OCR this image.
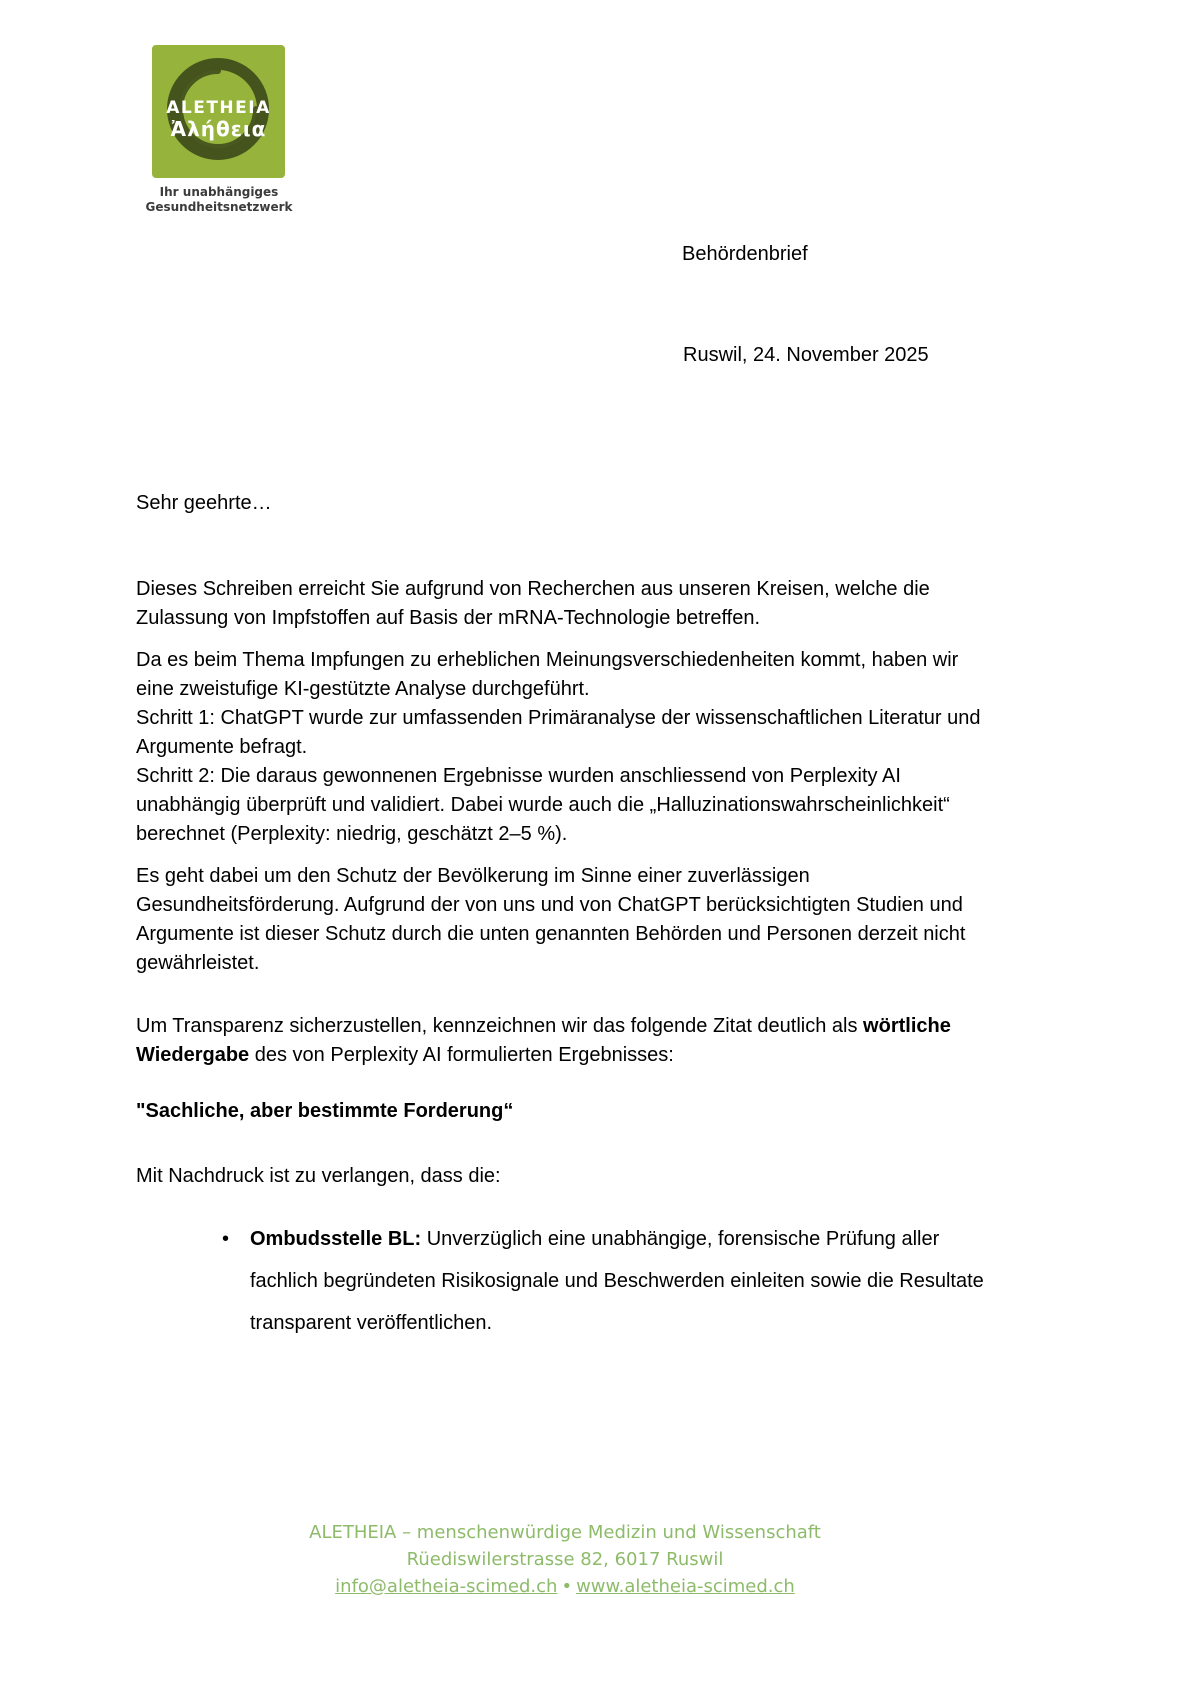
ALETHEIA
Ἀλήθεια
Ihr unabhängiges
Gesundheitsnetzwerk
Behördenbrief
Ruswil, 24. November 2025
Sehr geehrte…
Dieses Schreiben erreicht Sie aufgrund von Recherchen aus unseren Kreisen, welche die Zulassung von Impfstoffen auf Basis der mRNA-Technologie betreffen.
Da es beim Thema Impfungen zu erheblichen Meinungsverschiedenheiten kommt, haben wir eine zweistufige KI-gestützte Analyse durchgeführt.
Schritt 1: ChatGPT wurde zur umfassenden Primäranalyse der wissenschaftlichen Literatur und Argumente befragt.
Schritt 2: Die daraus gewonnenen Ergebnisse wurden anschliessend von Perplexity AI unabhängig überprüft und validiert. Dabei wurde auch die „Halluzinationswahrscheinlichkeit“ berechnet (Perplexity: niedrig, geschätzt 2–5 %).
Es geht dabei um den Schutz der Bevölkerung im Sinne einer zuverlässigen Gesundheitsförderung. Aufgrund der von uns und von ChatGPT berücksichtigten Studien und Argumente ist dieser Schutz durch die unten genannten Behörden und Personen derzeit nicht gewährleistet.
Um Transparenz sicherzustellen, kennzeichnen wir das folgende Zitat deutlich als wörtliche Wiedergabe des von Perplexity AI formulierten Ergebnisses:
"Sachliche, aber bestimmte Forderung“
Mit Nachdruck ist zu verlangen, dass die:
•	Ombudsstelle BL: Unverzüglich eine unabhängige, forensische Prüfung aller fachlich begründeten Risikosignale und Beschwerden einleiten sowie die Resultate transparent veröffentlichen.
ALETHEIA – menschenwürdige Medizin und Wissenschaft
Rüediswilerstrasse 82, 6017 Ruswil
info@aletheia-scimed.ch • www.aletheia-scimed.ch
